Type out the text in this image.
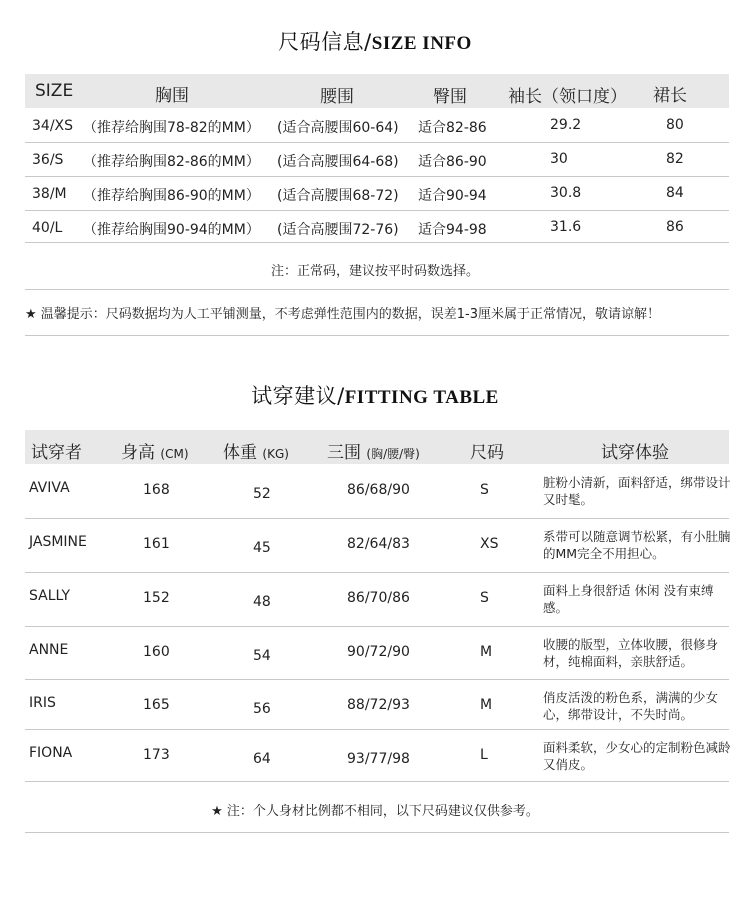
尺码信息/SIZE INFO
SIZE	胸围	腰围	臀围 袖长（领口度） 裙长
34/XS （推荐给胸围78-82的MM） (适合高腰围60-64) 适合82-86	29.2	80
36/S （推荐给胸围82-86的MM） (适合高腰围64-68) 适合86-90	30	82
38/M （推荐给胸围86-90的MM） (适合高腰围68-72) 适合90-94	30.8	84
40/L （推荐给胸围90-94的MM） (适合高腰围72-76) 适合94-98	31.6	86
注：正常码，建议按平时码数选择。
★ 温馨提示：尺码数据均为人工平铺测量，不考虑弹性范围内的数据，误差1-3厘米属于正常情况，敬请谅解！
试穿建议/FITTING TABLE
试穿者 身高 (CM) 体重 (KG) 三围 (胸/腰/臀)	尺码	试穿体验
AVIVA	168	52	86/68/90	S	脏粉小清新，面料舒适，绑带设计又时髦。
JASMINE	161	45	82/64/83	XS	系带可以随意调节松紧，有小肚腩的MM完全不用担心。
SALLY	152	48	86/70/86	S	面料上身很舒适 休闲 没有束缚感。
ANNE	160	54	90/72/90	M	收腰的版型，立体收腰，很修身材，纯棉面料，亲肤舒适。
IRIS	165	56	88/72/93	M	俏皮活泼的粉色系，满满的少女心，绑带设计，不失时尚。
FIONA	173	64	93/77/98	L	面料柔软，少女心的定制粉色减龄又俏皮。
★ 注：个人身材比例都不相同，以下尺码建议仅供参考。
